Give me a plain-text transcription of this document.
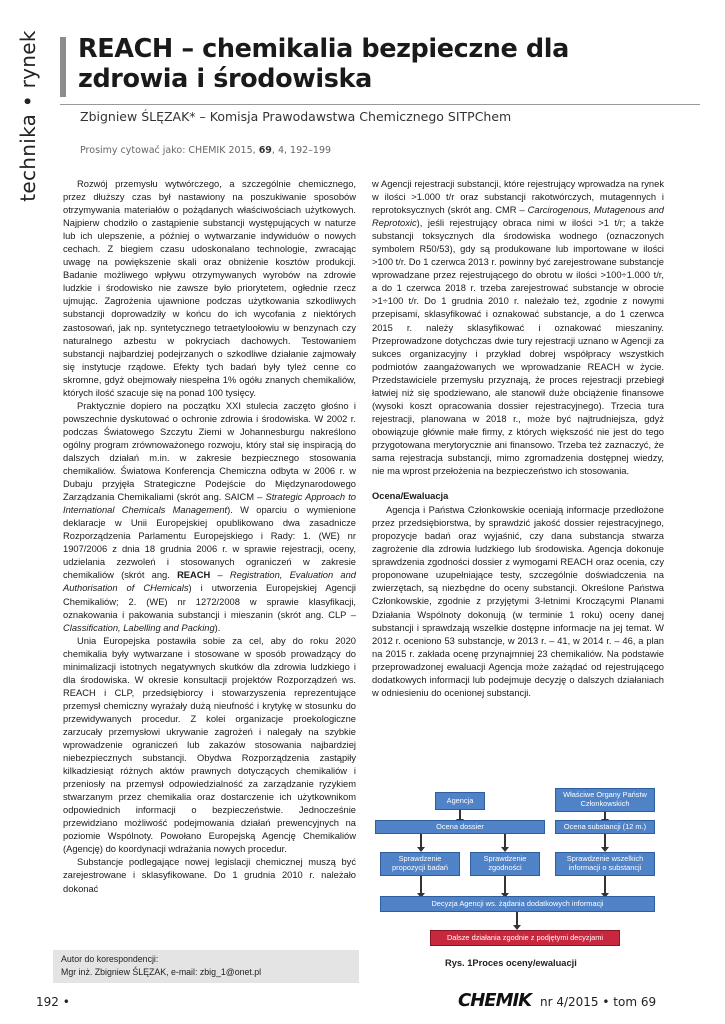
technika • rynek REACH – chemikalia bezpieczne dla zdrowia i środowiska
Zbigniew ŚLĘZAK* – Komisja Prawodawstwa Chemicznego SITPChem
Prosimy cytować jako: CHEMIK 2015, 69, 4, 192–199

Rozwój przemysłu wytwórczego, a szczególnie chemicznego, przez dłuższy czas był nastawiony na poszukiwanie sposobów otrzymywania materiałów o pożądanych właściwościach użytkowych. Najpierw chodziło o zastąpienie substancji występujących w naturze lub ich ulepszenie, a później o wytwarzanie indywiduów o nowych cechach. Z biegiem czasu udoskonalano technologie, zwracając uwagę na powiększenie skali oraz obniżenie kosztów produkcji. Badanie możliwego wpływu otrzymywanych wyrobów na zdrowie ludzkie i środowisko nie zawsze było priorytetem, ogłednie rzecz ujmując. Zagrożenia ujawnione podczas użytkowania szkodliwych substancji doprowadziły w końcu do ich wycofania z niektórych zastosowań, jak np. syntetycznego tetraetyloołowiu w benzynach czy naturalnego azbestu w pokryciach dachowych. Testowaniem substancji najbardziej podejrzanych o szkodliwe działanie zajmowały się instytucje rządowe. Efekty tych badań były tyleż cenne co skromne, gdyż obejmowały niespełna 1% ogółu znanych chemikaliów, których ilość szacuje się na ponad 100 tysięcy.

Praktycznie dopiero na początku XXI stulecia zaczęto głośno i powszechnie dyskutować o ochronie zdrowia i środowiska. W 2002 r. podczas Światowego Szczytu Ziemi w Johannesburgu nakreślono ogólny program zrównoważonego rozwoju, który stał się inspiracją do dalszych działań m.in. w zakresie bezpiecznego stosowania chemikaliów. Światowa Konferencja Chemiczna odbyta w 2006 r. w Dubaju przyjęła Strategiczne Podejście do Międzynarodowego Zarządzania Chemikaliami (skrót ang. SAICM – Strategic Approach to International Chemicals Management). W oparciu o wymienione deklaracje w Unii Europejskiej opublikowano dwa zasadnicze Rozporządzenia Parlamentu Europejskiego i Rady: 1. (WE) nr 1907/2006 z dnia 18 grudnia 2006 r. w sprawie rejestracji, oceny, udzielania zezwoleń i stosowanych ograniczeń w zakresie chemikaliów (skrót ang. REACH – Registration, Evaluation and Authorisation of CHemicals) i utworzenia Europejskiej Agencji Chemikaliów; 2. (WE) nr 1272/2008 w sprawie klasyfikacji, oznakowania i pakowania substancji i mieszanin (skrót ang. CLP – Classification, Labelling and Packing).

Unia Europejska postawiła sobie za cel, aby do roku 2020 chemikalia były wytwarzane i stosowane w sposób prowadzący do minimalizacji istotnych negatywnych skutków dla zdrowia ludzkiego i dla środowiska. W okresie konsultacji projektów Rozporządzeń ws. REACH i CLP, przedsiębiorcy i stowarzyszenia reprezentujące przemysł chemiczny wyrażały dużą nieufność i krytykę w stosunku do przewidywanych procedur. Z kolei organizacje proekologiczne zarzucały przemysłowi ukrywanie zagrożeń i nalegały na szybkie wprowadzenie ograniczeń lub zakazów stosowania najbardziej niebezpiecznych substancji. Obydwa Rozporządzenia zastąpiły kilkadziesiąt różnych aktów prawnych dotyczących chemikaliów i przeniosły na przemysł odpowiedzialność za zarządzanie ryzykiem stwarzanym przez chemikalia oraz dostarczenie ich użytkownikom odpowiednich informacji o bezpieczeństwie. Jednocześnie przewidziano możliwość podejmowania działań prewencyjnych na poziomie Wspólnoty. Powołano Europejską Agencję Chemikaliów (Agencję) do koordynacji wdrażania nowych procedur.

Substancje podlegające nowej legislacji chemicznej muszą być zarejestrowane i sklasyfikowane. Do 1 grudnia 2010 r. należało dokonać

w Agencji rejestracji substancji, które rejestrujący wprowadza na rynek w ilości >1.000 t/r oraz substancji rakotwórczych, mutagennych i reprotoksycznych (skrót ang. CMR – Carcirogenous, Mutagenous and Reprotoxic), jeśli rejestrujący obraca nimi w ilości >1 t/r; a także substancji toksycznych dla środowiska wodnego (oznaczonych symbolem R50/53), gdy są produkowane lub importowane w ilości >100 t/r. Do 1 czerwca 2013 r. powinny być zarejestrowane substancje wprowadzane przez rejestrującego do obrotu w ilości >100÷1.000 t/r, a do 1 czerwca 2018 r. trzeba zarejestrować substancje w obrocie >1÷100 t/r. Do 1 grudnia 2010 r. należało też, zgodnie z nowymi przepisami, sklasyfikować i oznakować substancje, a do 1 czerwca 2015 r. należy sklasyfikować i oznakować mieszaniny. Przeprowadzone dotychczas dwie tury rejestracji uznano w Agencji za sukces organizacyjny i przykład dobrej współpracy wszystkich podmiotów zaangażowanych we wprowadzanie REACH w życie. Przedstawiciele przemysłu przyznają, że proces rejestracji przebiegł łatwiej niż się spodziewano, ale stanowił duże obciążenie finansowe (wysoki koszt opracowania dossier rejestracyjnego). Trzecia tura rejestracji, planowana w 2018 r., może być najtrudniejsza, gdyż obowiązuje głównie małe firmy, z których większość nie jest do tego przygotowana merytorycznie ani finansowo. Trzeba też zaznaczyć, że sama rejestracja substancji, mimo zgromadzenia dostępnej wiedzy, nie ma wprost przełożenia na bezpieczeństwo ich stosowania.

Ocena/Ewaluacja

Agencja i Państwa Członkowskie oceniają informacje przedłożone przez przedsiębiorstwa, by sprawdzić jakość dossier rejestracyjnego, propozycje badań oraz wyjaśnić, czy dana substancja stwarza zagrożenie dla zdrowia ludzkiego lub środowiska. Agencja dokonuje sprawdzenia zgodności dossier z wymogami REACH oraz ocenia, czy proponowane uzupełniające testy, szczególnie doświadczenia na zwierzętach, są niezbędne do oceny substancji. Określone Państwa Członkowskie, zgodnie z przyjętymi 3-letnimi Kroczącymi Planami Działania Wspólnoty dokonują (w terminie 1 roku) oceny danej substancji i sprawdzają wszelkie dostępne informacje na jej temat. W 2012 r. oceniono 53 substancje, w 2013 r. – 41, w 2014 r. – 46, a plan na 2015 r. zakłada ocenę przynajmniej 23 chemikaliów. Na podstawie przeprowadzonej ewaluacji Agencja może zażądać od rejestrującego dodatkowych informacji lub podejmuje decyzję o dalszych działaniach w odniesieniu do ocenionej substancji.

Agencja
Właściwe Organy Państw Członkowskich
Ocena dossier	Ocena substancji (12 m.)
Sprawdzenie propozycji badań
Sprawdzenie zgodności
Sprawdzenie wszelkich informacji o substancji
Decyzja Agencji ws. żądania dodatkowych informacji
Dalsze działania zgodnie z podjętymi decyzjami
Rys. 1Proces oceny/ewaluacji
Autor do korespondencji:
Mgr inż. Zbigniew ŚLĘZAK, e-mail: zbig_1@onet.pl
192 •	CHEMIK nr 4/2015 • tom 69
